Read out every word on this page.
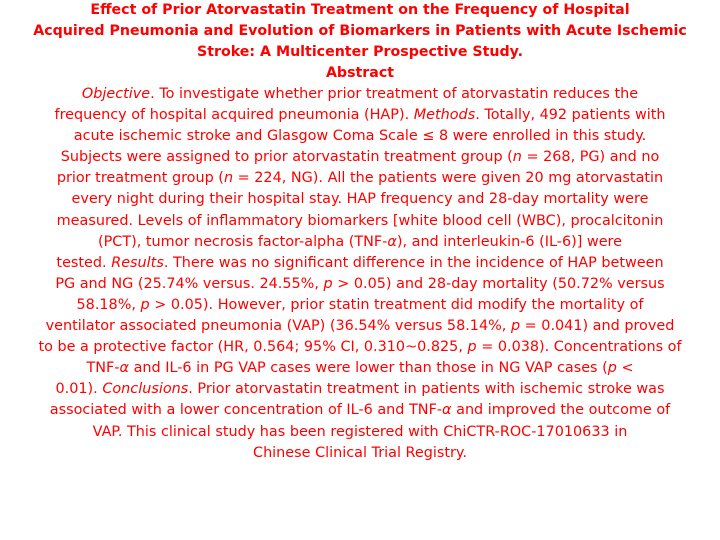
Effect of Prior Atorvastatin Treatment on the Frequency of Hospital
Acquired Pneumonia and Evolution of Biomarkers in Patients with Acute Ischemic
Stroke: A Multicenter Prospective Study.
Abstract
Objective. To investigate whether prior treatment of atorvastatin reduces the
frequency of hospital acquired pneumonia (HAP). Methods. Totally, 492 patients with
acute ischemic stroke and Glasgow Coma Scale ≤ 8 were enrolled in this study.
Subjects were assigned to prior atorvastatin treatment group (n = 268, PG) and no
prior treatment group (n = 224, NG). All the patients were given 20 mg atorvastatin
every night during their hospital stay. HAP frequency and 28-day mortality were
measured. Levels of inflammatory biomarkers [white blood cell (WBC), procalcitonin
(PCT), tumor necrosis factor-alpha (TNF-α), and interleukin-6 (IL-6)] were
tested. Results. There was no significant difference in the incidence of HAP between
PG and NG (25.74% versus. 24.55%, p > 0.05) and 28-day mortality (50.72% versus
58.18%, p > 0.05). However, prior statin treatment did modify the mortality of
ventilator associated pneumonia (VAP) (36.54% versus 58.14%, p = 0.041) and proved
to be a protective factor (HR, 0.564; 95% CI, 0.310~0.825, p = 0.038). Concentrations of
TNF-α and IL-6 in PG VAP cases were lower than those in NG VAP cases (p <
0.01). Conclusions. Prior atorvastatin treatment in patients with ischemic stroke was
associated with a lower concentration of IL-6 and TNF-α and improved the outcome of
VAP. This clinical study has been registered with ChiCTR-ROC-17010633 in
Chinese Clinical Trial Registry.
